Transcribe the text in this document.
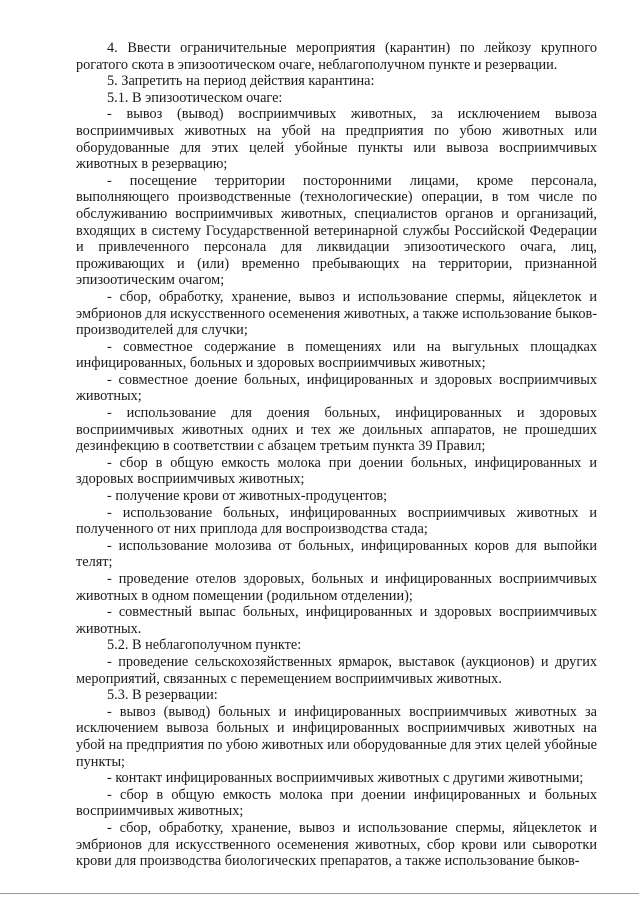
4. Ввести ограничительные мероприятия (карантин) по лейкозу крупного рогатого скота в эпизоотическом очаге, неблагополучном пункте и резервации.

5. Запретить на период действия карантина:

5.1. В эпизоотическом очаге:

- вывоз (вывод) восприимчивых животных, за исключением вывоза восприимчивых животных на убой на предприятия по убою животных или оборудованные для этих целей убойные пункты или вывоза восприимчивых животных в резервацию;

- посещение территории посторонними лицами, кроме персонала, выполняющего производственные (технологические) операции, в том числе по обслуживанию восприимчивых животных, специалистов органов и организаций, входящих в систему Государственной ветеринарной службы Российской Федерации и привлеченного персонала для ликвидации эпизоотического очага, лиц, проживающих и (или) временно пребывающих на территории, признанной эпизоотическим очагом;

- сбор, обработку, хранение, вывоз и использование спермы, яйцеклеток и эмбрионов для искусственного осеменения животных, а также использование быков-производителей для случки;

- совместное содержание в помещениях или на выгульных площадках инфицированных, больных и здоровых восприимчивых животных;

- совместное доение больных, инфицированных и здоровых восприимчивых животных;

- использование для доения больных, инфицированных и здоровых восприимчивых животных одних и тех же доильных аппаратов, не прошедших дезинфекцию в соответствии с абзацем третьим пункта 39 Правил;

- сбор в общую емкость молока при доении больных, инфицированных и здоровых восприимчивых животных;

- получение крови от животных-продуцентов;

- использование больных, инфицированных восприимчивых животных и полученного от них приплода для воспроизводства стада;

- использование молозива от больных, инфицированных коров для выпойки телят;

- проведение отелов здоровых, больных и инфицированных восприимчивых животных в одном помещении (родильном отделении);

- совместный выпас больных, инфицированных и здоровых восприимчивых животных.

5.2. В неблагополучном пункте:

- проведение сельскохозяйственных ярмарок, выставок (аукционов) и других мероприятий, связанных с перемещением восприимчивых животных.

5.3. В резервации:

- вывоз (вывод) больных и инфицированных восприимчивых животных за исключением вывоза больных и инфицированных восприимчивых животных на убой на предприятия по убою животных или оборудованные для этих целей убойные пункты;

- контакт инфицированных восприимчивых животных с другими животными;

- сбор в общую емкость молока при доении инфицированных и больных восприимчивых животных;

- сбор, обработку, хранение, вывоз и использование спермы, яйцеклеток и эмбрионов для искусственного осеменения животных, сбор крови или сыворотки крови для производства биологических препаратов, а также использование быков-
